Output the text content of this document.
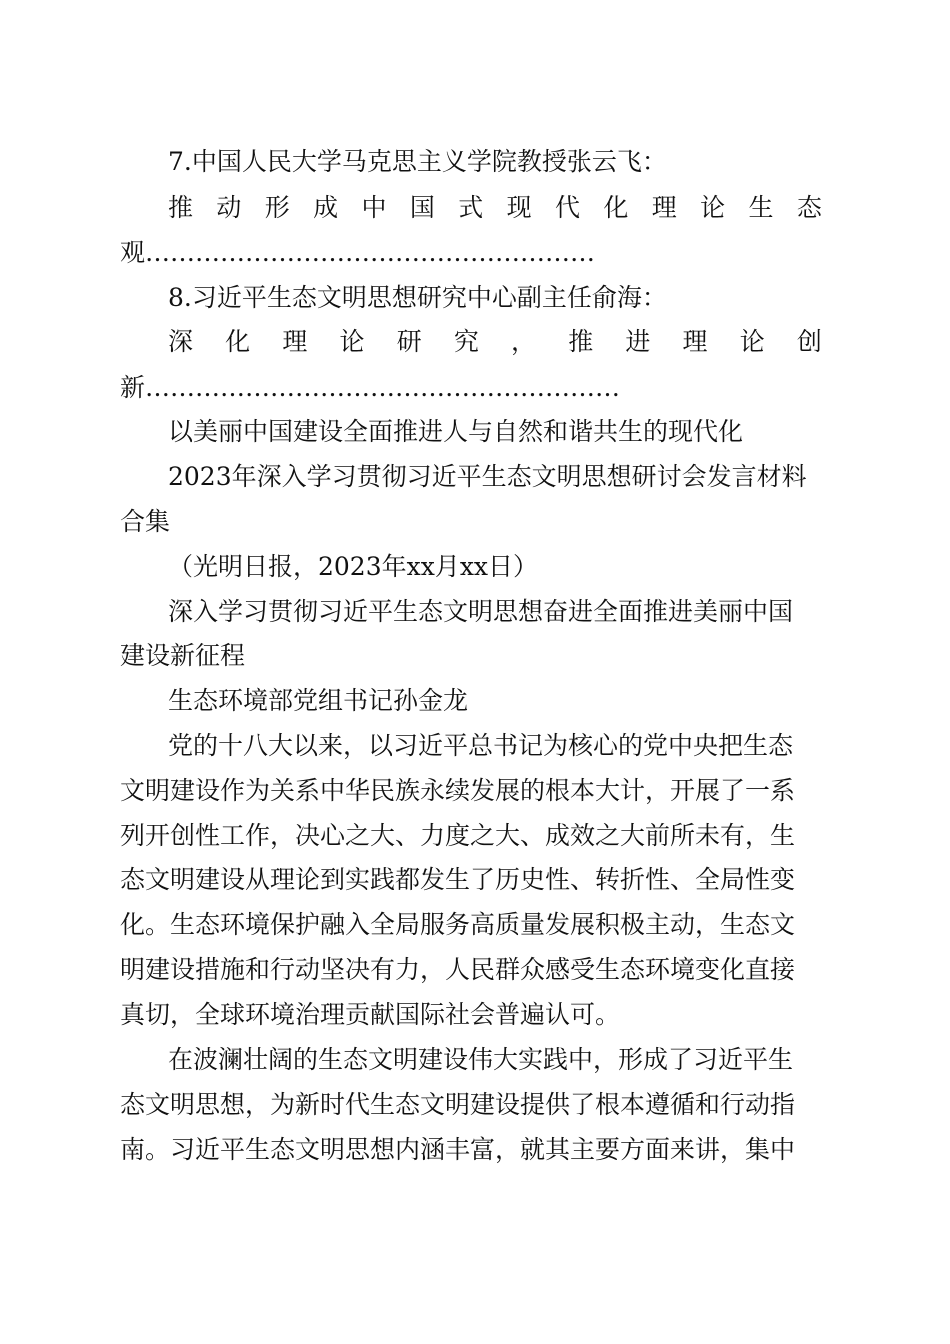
7.中国人民大学马克思主义学院教授张云飞：
推 动 形 成 中 国 式 现 代 化 理 论 生 态
观………………………………………………
8.习近平生态文明思想研究中心副主任俞海：
深 化 理 论 研 究 ， 推 进 理 论 创
新…………………………………………………
以美丽中国建设全面推进人与自然和谐共生的现代化
2023年深入学习贯彻习近平生态文明思想研讨会发言材料
合集
（光明日报，2023年xx月xx日）
深入学习贯彻习近平生态文明思想奋进全面推进美丽中国
建设新征程
生态环境部党组书记孙金龙
党的十八大以来，以习近平总书记为核心的党中央把生态
文明建设作为关系中华民族永续发展的根本大计，开展了一系
列开创性工作，决心之大、力度之大、成效之大前所未有，生
态文明建设从理论到实践都发生了历史性、转折性、全局性变
化。生态环境保护融入全局服务高质量发展积极主动，生态文
明建设措施和行动坚决有力，人民群众感受生态环境变化直接
真切，全球环境治理贡献国际社会普遍认可。
在波澜壮阔的生态文明建设伟大实践中，形成了习近平生
态文明思想，为新时代生态文明建设提供了根本遵循和行动指
南。习近平生态文明思想内涵丰富，就其主要方面来讲，集中
